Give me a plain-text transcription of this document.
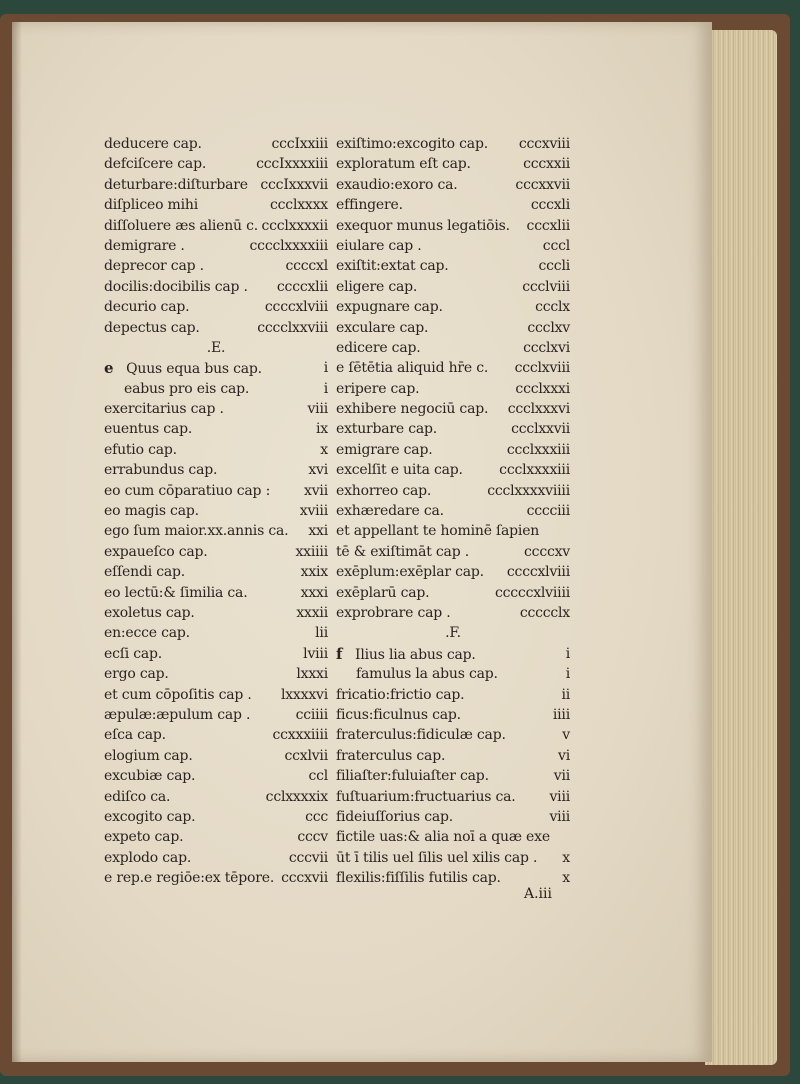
deducere cap.	cccIxxiii
defciſcere cap.	cccIxxxxiii
deturbare:diſturbare cccIxxxvii
diſpliceo mihi	ccclxxxx
diſſoluere æs alienū c. ccclxxxxii
demigrare .	cccclxxxxiii
deprecor cap .	ccccxl
docilis:docibilis cap . ccccxlii
decurio cap.	ccccxlviii
depectus cap.	cccclxxviii
.E.
e Quus equa bus cap.	i
eabus pro eis cap.	i
exercitarius cap .	viii
euentus cap.	ix
efutio cap.	x
errabundus cap.	xvi
eo cum cōparatiuo cap : xvii
eo magis cap.	xviii
ego ſum maior.xx.annis ca. xxi
expaueſco cap.	xxiiii
eſſendi cap.	xxix
eo lectū:& ſimilia ca.	xxxi
exoletus cap.	xxxii
en:ecce cap.	lii
ecſi cap.	lviii
ergo cap.	lxxxi
et cum cōpoſitis cap . lxxxxvi
æpulæ:æpulum cap .	cciiii
eſca cap.	ccxxxiiii
elogium cap.	ccxlvii
excubiæ cap.	ccl
ediſco ca.	cclxxxxix
excogito cap.	ccc
expeto cap.	cccv
explodo cap.	cccvii
e rep.e regiōe:ex tēpore. cccxvii
exiſtimo:excogito cap. cccxviii
exploratum eſt cap.	cccxxii
exaudio:exoro ca.	cccxxvii
effingere.	cccxli
exequor munus legatiōis. cccxlii
eiulare cap .	cccl
exiſtit:extat cap.	cccli
eligere cap.	ccclviii
expugnare cap.	ccclx
exculare cap.	ccclxv
edicere cap.	ccclxvi
e ſētētia aliquid hr̄e c. ccclxviii
eripere cap.	ccclxxxi
exhibere negociū cap. ccclxxxvi
exturbare cap.	ccclxxvii
emigrare cap.	ccclxxxiii
excelſit e uita cap.	ccclxxxxiii
exhorreo cap.	ccclxxxxviiii
exhæredare ca.	cccciii
et appellant te hominē ſapien
tē & exiſtimāt cap .	ccccxv
exēplum:exēplar cap. ccccxlviii
exēplarū cap.	cccccxlviiii
exprobrare cap .	ccccclx
.F.
f Ilius lia abus cap.	i
famulus la abus cap.	i
fricatio:frictio cap.	ii
ficus:ficulnus cap.	iiii
fraterculus:fidiculæ cap.	v
fraterculus cap.	vi
filiaſter:fuluiaſter cap.	vii
fuſtuarium:fructuarius ca. viii
fideiuſſorius cap.	viii
fictile uas:& alia noī a quæ exe
ūt ī tilis uel ſilis uel xilis cap . x
flexilis:fiſſilis futilis cap.	x
A.iii
